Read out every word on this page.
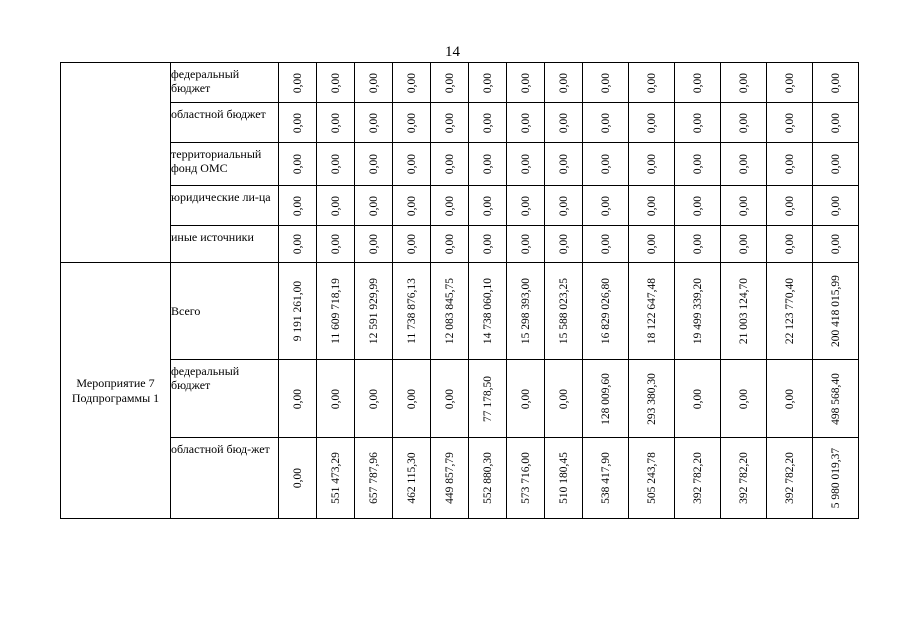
14
	федеральный бюджет	0,00	0,00	0,00	0,00	0,00	0,00	0,00	0,00	0,00	0,00	0,00	0,00	0,00	0,00

	областной бюджет	0,00	0,00	0,00	0,00	0,00	0,00	0,00	0,00	0,00	0,00	0,00	0,00	0,00	0,00

	территориальный фонд ОМС	0,00	0,00	0,00	0,00	0,00	0,00	0,00	0,00	0,00	0,00	0,00	0,00	0,00	0,00

	юридические ли-ца	0,00	0,00	0,00	0,00	0,00	0,00	0,00	0,00	0,00	0,00	0,00	0,00	0,00	0,00

	иные источники	0,00	0,00	0,00	0,00	0,00	0,00	0,00	0,00	0,00	0,00	0,00	0,00	0,00	0,00

Мероприятие 7 Подпрограммы 1	Всего	9 191 261,00	11 609 718,19	12 591 929,99	11 738 876,13	12 083 845,75	14 738 060,10	15 298 393,00	15 588 023,25	16 829 026,80	18 122 647,48	19 499 339,20	21 003 124,70	22 123 770,40	200 418 015,99

	федеральный бюджет	0,00	0,00	0,00	0,00	0,00	77 178,50	0,00	0,00	128 009,60	293 380,30	0,00	0,00	0,00	498 568,40

	областной бюд-жет	0,00	551 473,29	657 787,96	462 115,30	449 857,79	552 880,30	573 716,00	510 180,45	538 417,90	505 243,78	392 782,20	392 782,20	392 782,20	5 980 019,37
